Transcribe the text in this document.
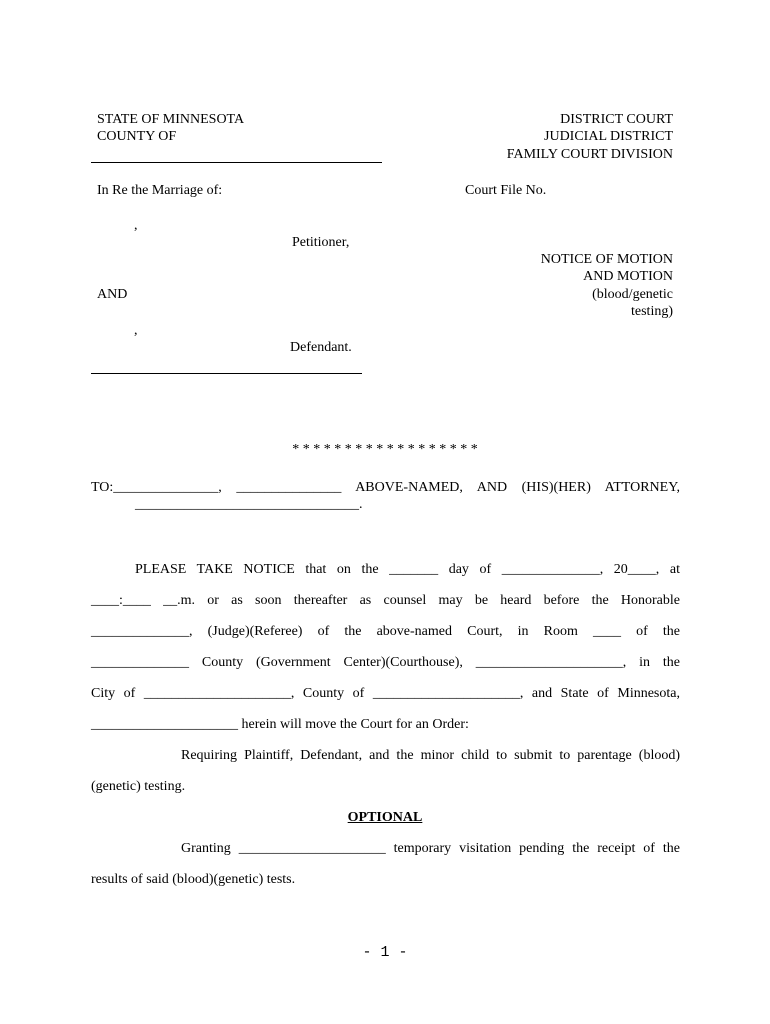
STATE OF MINNESOTA
COUNTY OF
DISTRICT COURT
JUDICIAL DISTRICT
FAMILY COURT DIVISION
In Re the Marriage of:	Court File No.
,
Petitioner,
NOTICE OF MOTION
AND MOTION
(blood/genetic
testing)
AND
,
Defendant.
* * * * * * * * * * * * * * * * * *
TO:_______________, _______________ ABOVE-NAMED, AND (HIS)(HER) ATTORNEY,
________________________________.
PLEASE TAKE NOTICE that on the _______ day of ______________, 20____, at
____:____ __.m. or as soon thereafter as counsel may be heard before the Honorable
______________, (Judge)(Referee) of the above-named Court, in Room ____ of the
______________ County (Government Center)(Courthouse), _____________________, in the
City of _____________________, County of _____________________, and State of Minnesota,
_____________________ herein will move the Court for an Order:
Requiring Plaintiff, Defendant, and the minor child to submit to parentage (blood)
(genetic) testing.
OPTIONAL
Granting _____________________ temporary visitation pending the receipt of the
results of said (blood)(genetic) tests.
- 1 -
